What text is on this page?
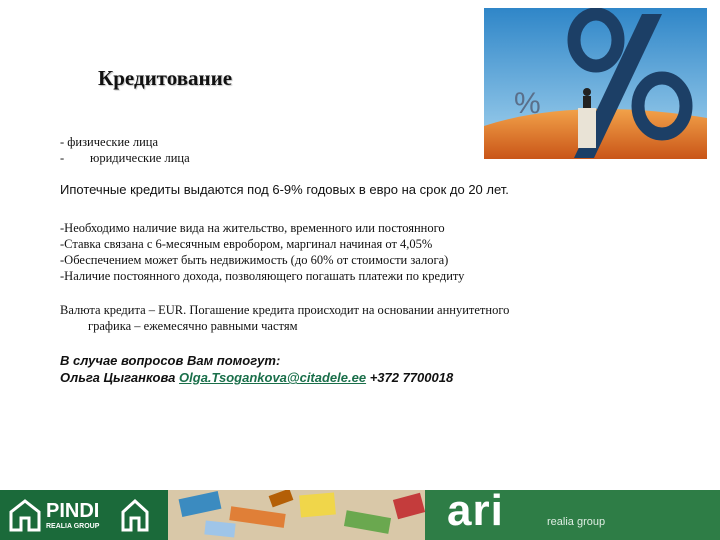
Кредитование
%
- физические лица
- юридические лица
Ипотечные кредиты выдаются под 6-9% годовых в евро на срок до 20 лет.
-Необходимо наличие вида на жительство, временного или постоянного
-Ставка связана с 6-месячным евробором, маргинал начиная от 4,05%
-Обеспечением может быть недвижимость (до 60% от стоимости залога)
-Наличие постоянного дохода, позволяющего погашать платежи по кредиту
Валюта кредита – EUR. Погашение кредита происходит на основании аннуитетного
графика – ежемесячно равными частям
В случае вопросов Вам помогут:
Ольга Цыганкова Olga.Tsogankova@citadele.ee +372 7700018
PINDI
REALIA GROUP	ari	realia group
